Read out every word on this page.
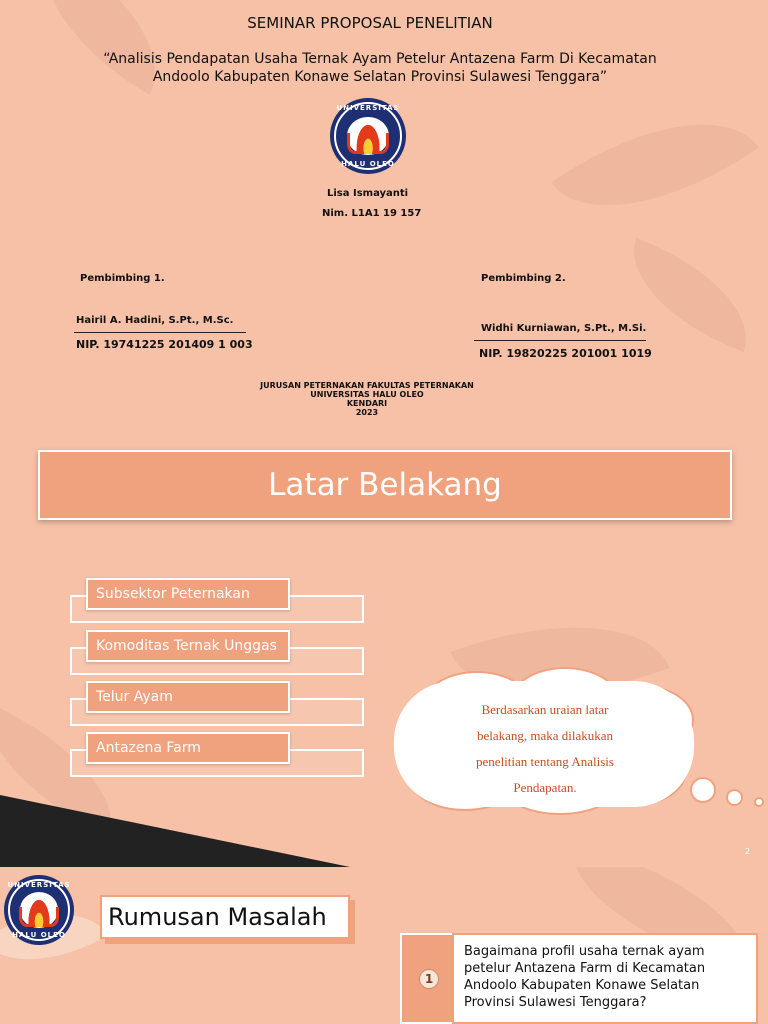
SEMINAR PROPOSAL PENELITIAN
“Analisis Pendapatan Usaha Ternak Ayam Petelur Antazena Farm Di Kecamatan
Andoolo Kabupaten Konawe Selatan Provinsi Sulawesi Tenggara”
UNIVERSITAS
HALU OLEO
Lisa Ismayanti
Nim. L1A1 19 157
Pembimbing 1.
Hairil A. Hadini, S.Pt., M.Sc.
NIP. 19741225 201409 1 003
Pembimbing 2.
Widhi Kurniawan, S.Pt., M.Si.
NIP. 19820225 201001 1019
JURUSAN PETERNAKAN FAKULTAS PETERNAKAN
UNIVERSITAS HALU OLEO
KENDARI
2023
Latar Belakang
Subsektor Peternakan
Komoditas Ternak Unggas
Telur Ayam
Antazena Farm
Berdasarkan uraian latar
belakang, maka dilakukan
penelitian tentang Analisis
Pendapatan.
2
UNIVERSITAS
HALU OLEO
Rumusan Masalah
1
Bagaimana profil usaha ternak ayam petelur Antazena Farm di Kecamatan Andoolo Kabupaten Konawe Selatan Provinsi Sulawesi Tenggara?
